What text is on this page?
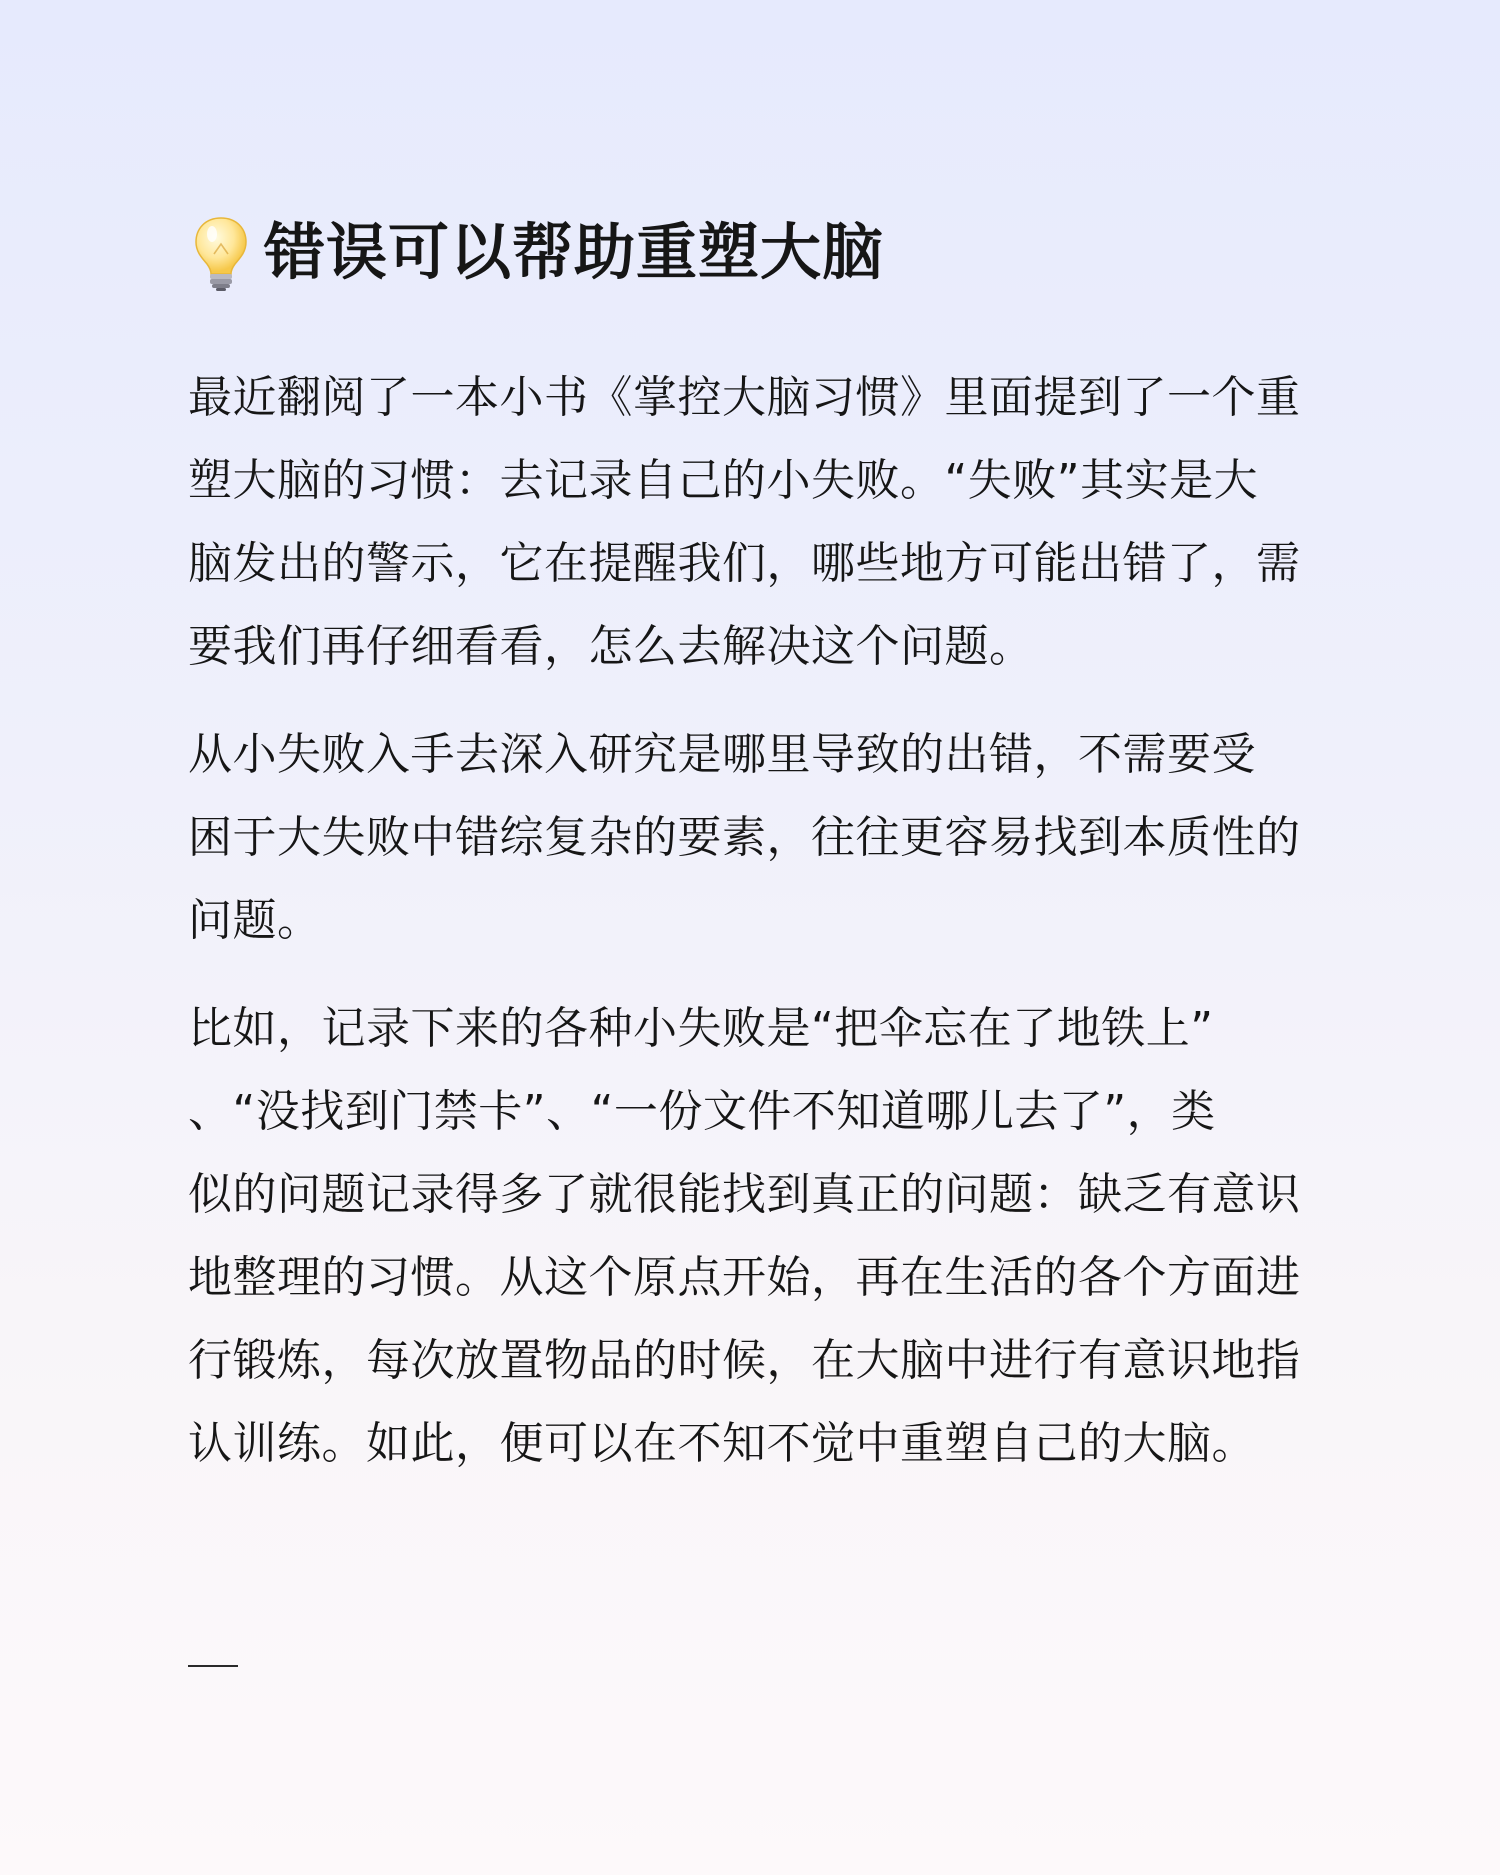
错误可以帮助重塑大脑
最近翻阅了一本小书《掌控大脑习惯》里面提到了一个重
塑大脑的习惯：去记录自己的小失败。“失败”其实是大
脑发出的警示，它在提醒我们，哪些地方可能出错了，需
要我们再仔细看看，怎么去解决这个问题。
从小失败入手去深入研究是哪里导致的出错，不需要受
困于大失败中错综复杂的要素，往往更容易找到本质性的
问题。
比如，记录下来的各种小失败是“把伞忘在了地铁上”
、“没找到门禁卡”、“一份文件不知道哪儿去了”，类
似的问题记录得多了就很能找到真正的问题：缺乏有意识
地整理的习惯。从这个原点开始，再在生活的各个方面进
行锻炼，每次放置物品的时候，在大脑中进行有意识地指
认训练。如此，便可以在不知不觉中重塑自己的大脑。
